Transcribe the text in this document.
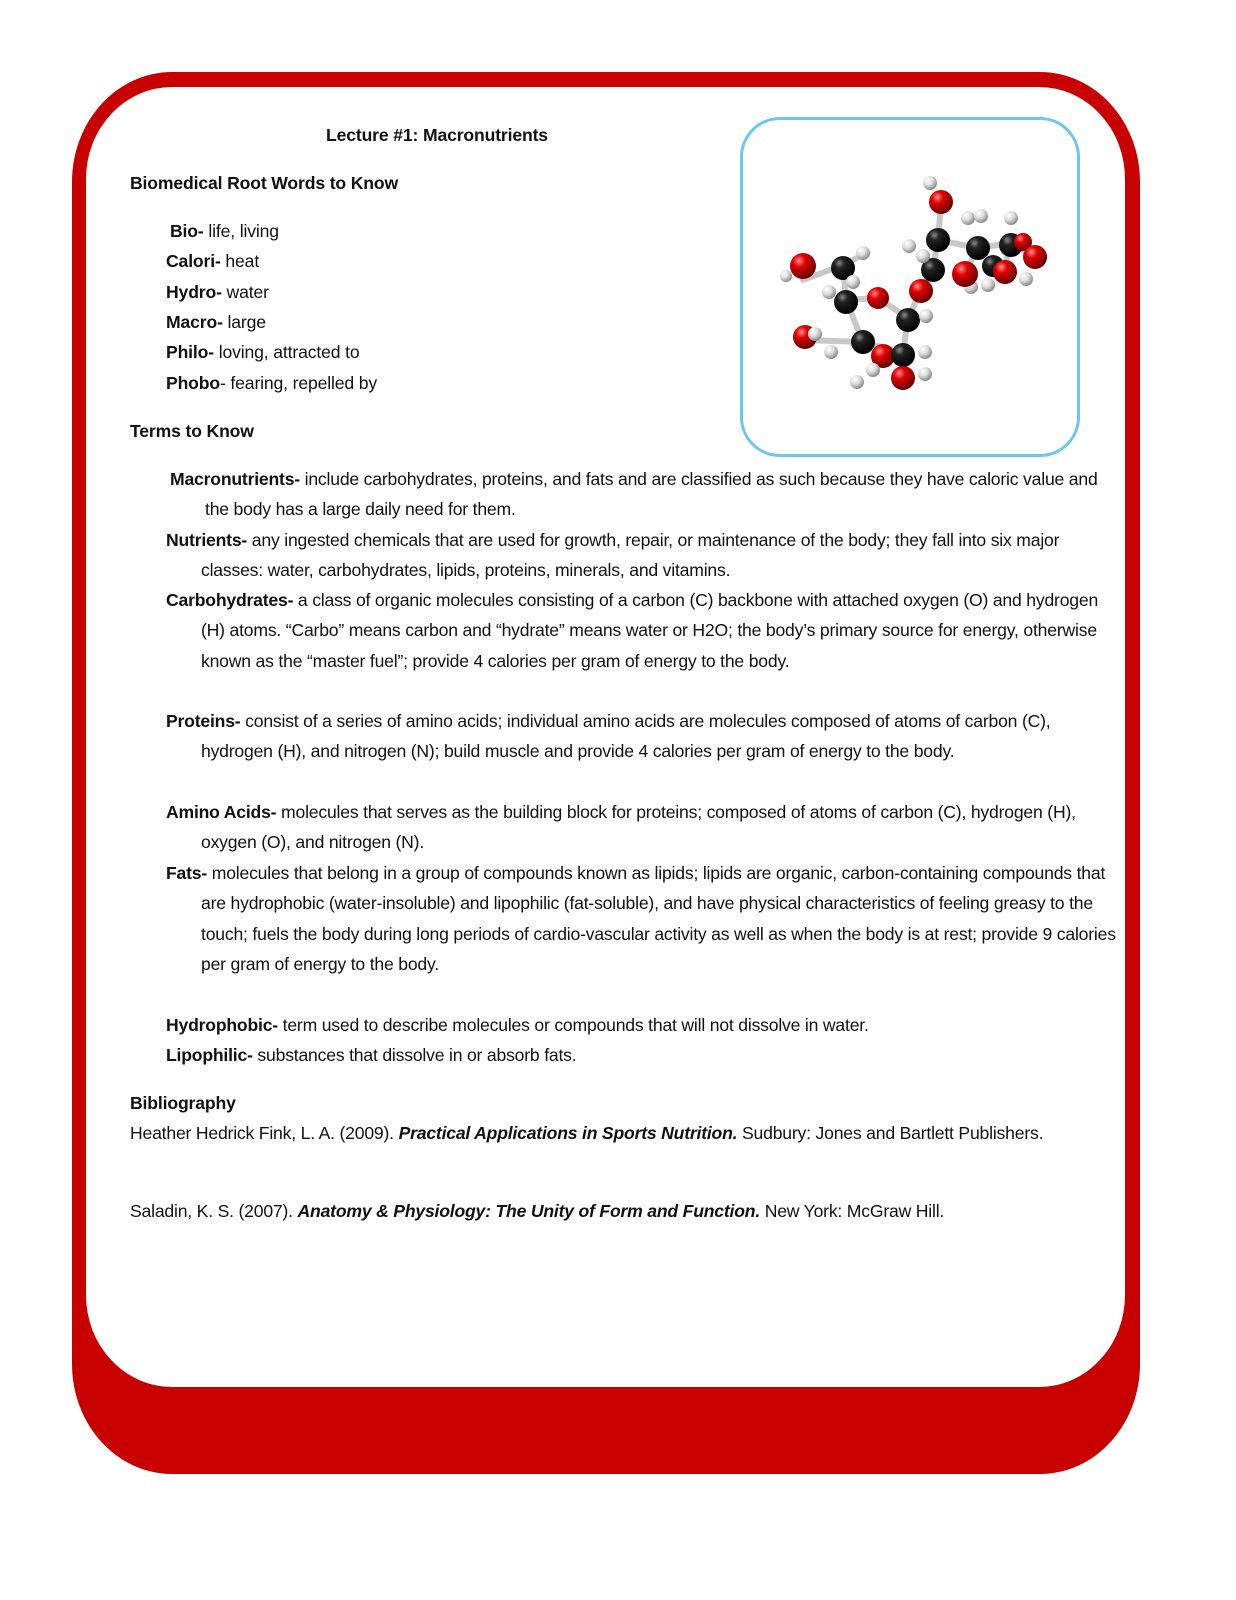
Lecture #1: Macronutrients
Biomedical Root Words to Know
Bio- life, living
Calori- heat
Hydro- water
Macro- large
Philo- loving, attracted to
Phobo- fearing, repelled by
Terms to Know
Macronutrients- include carbohydrates, proteins, and fats and are classified as such because they have caloric value and the body has a large daily need for them.
Nutrients- any ingested chemicals that are used for growth, repair, or maintenance of the body; they fall into six major classes: water, carbohydrates, lipids, proteins, minerals, and vitamins.
Carbohydrates- a class of organic molecules consisting of a carbon (C) backbone with attached oxygen (O) and hydrogen (H) atoms. “Carbo” means carbon and “hydrate” means water or H2O; the body’s primary source for energy, otherwise known as the “master fuel”; provide 4 calories per gram of energy to the body.
Proteins- consist of a series of amino acids; individual amino acids are molecules composed of atoms of carbon (C), hydrogen (H), and nitrogen (N); build muscle and provide 4 calories per gram of energy to the body.
Amino Acids- molecules that serves as the building block for proteins; composed of atoms of carbon (C), hydrogen (H), oxygen (O), and nitrogen (N).
Fats- molecules that belong in a group of compounds known as lipids; lipids are organic, carbon-containing compounds that are hydrophobic (water-insoluble) and lipophilic (fat-soluble), and have physical characteristics of feeling greasy to the touch; fuels the body during long periods of cardio-vascular activity as well as when the body is at rest; provide 9 calories per gram of energy to the body.
Hydrophobic- term used to describe molecules or compounds that will not dissolve in water.
Lipophilic- substances that dissolve in or absorb fats.
Bibliography
Heather Hedrick Fink, L. A. (2009). Practical Applications in Sports Nutrition. Sudbury: Jones and Bartlett Publishers.
Saladin, K. S. (2007). Anatomy & Physiology: The Unity of Form and Function. New York: McGraw Hill.
